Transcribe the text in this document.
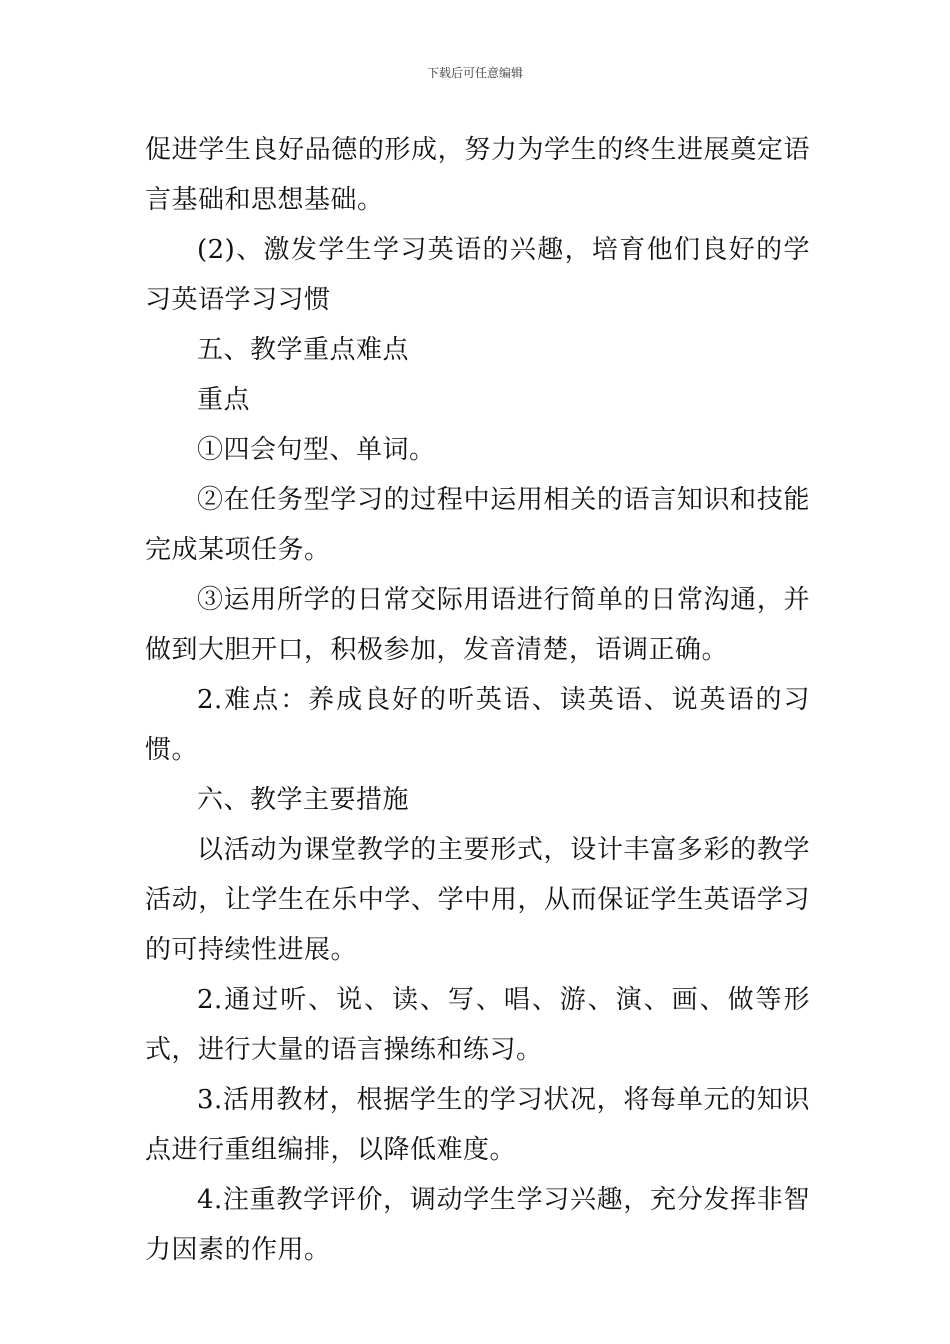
下载后可任意编辑

促进学生良好品德的形成，努力为学生的终生进展奠定语言基础和思想基础。

(2)、激发学生学习英语的兴趣，培育他们良好的学习英语学习习惯

五、教学重点难点

重点

①四会句型、单词。

②在任务型学习的过程中运用相关的语言知识和技能完成某项任务。

③运用所学的日常交际用语进行简单的日常沟通，并做到大胆开口，积极参加，发音清楚，语调正确。

2.难点：养成良好的听英语、读英语、说英语的习惯。

六、教学主要措施

以活动为课堂教学的主要形式，设计丰富多彩的教学活动，让学生在乐中学、学中用，从而保证学生英语学习的可持续性进展。

2.通过听、说、读、写、唱、游、演、画、做等形式，进行大量的语言操练和练习。

3.活用教材，根据学生的学习状况，将每单元的知识点进行重组编排，以降低难度。

4.注重教学评价，调动学生学习兴趣，充分发挥非智力因素的作用。
